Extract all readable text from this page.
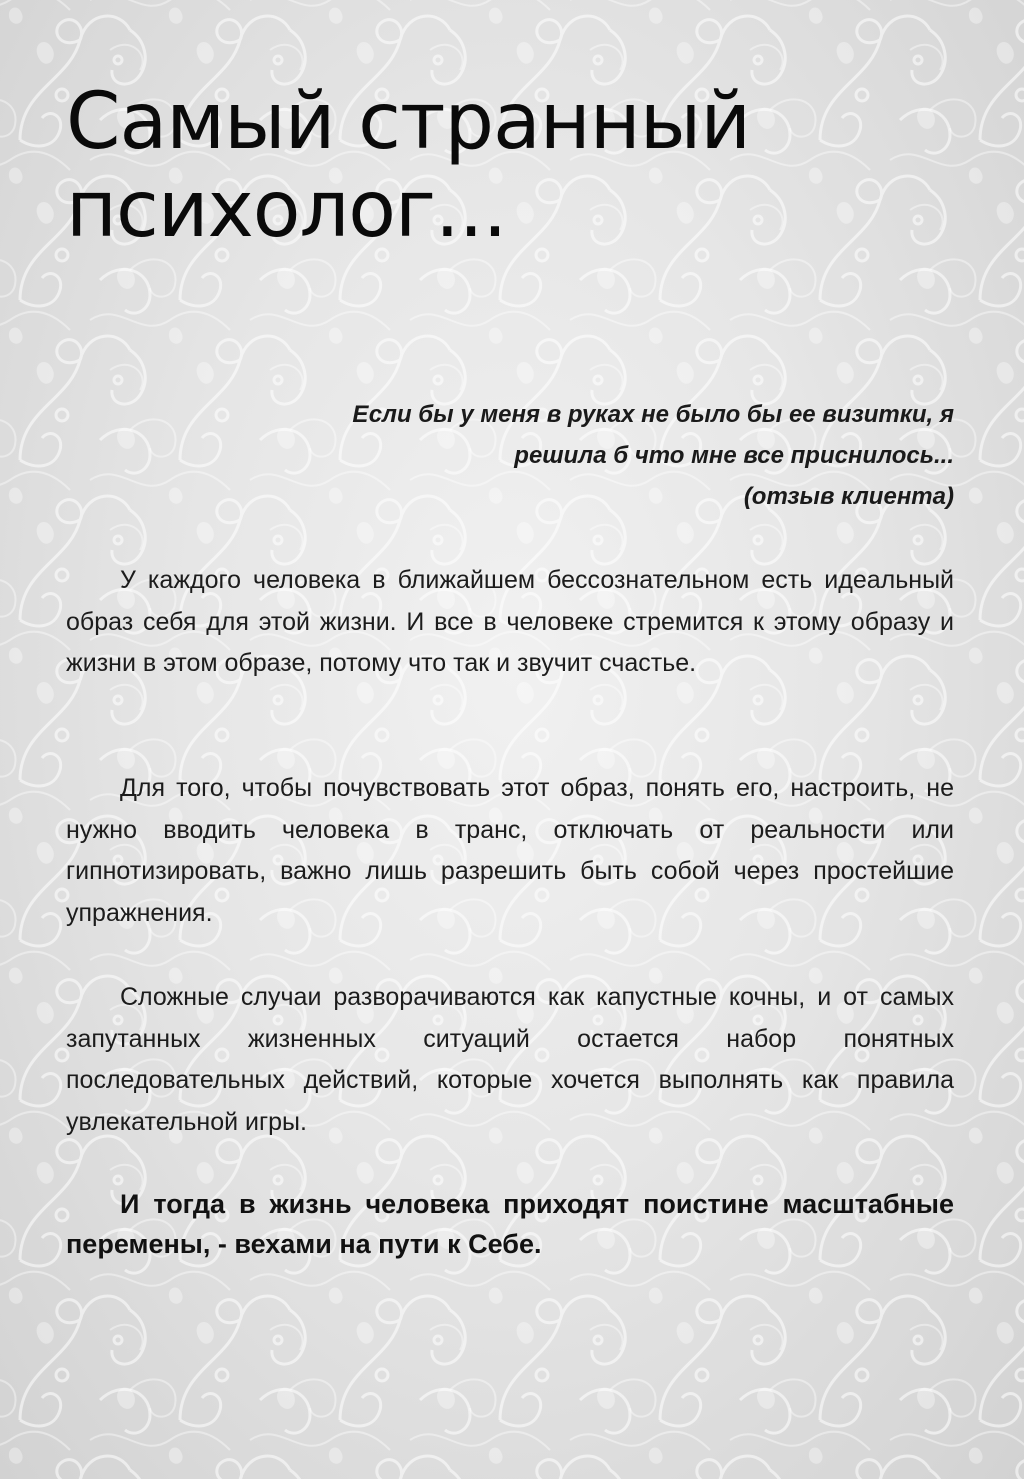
Самый странный
психолог...
Если бы у меня в руках не было бы ее визитки, я
решила б что мне все приснилось...
(отзыв клиента)

У каждого человека в ближайшем бессознательном есть идеальный образ себя для этой жизни. И все в человеке стремится к этому образу и жизни в этом образе, потому что так и звучит счастье.

Для того, чтобы почувствовать этот образ, понять его, настроить, не нужно вводить человека в транс, отключать от реальности или гипнотизировать, важно лишь разрешить быть собой через простейшие упражнения.

Сложные случаи разворачиваются как капустные кочны, и от самых запутанных жизненных ситуаций остается набор понятных последовательных действий, которые хочется выполнять как правила увлекательной игры.

И тогда в жизнь человека приходят поистине масштабные перемены, - вехами на пути к Себе.
